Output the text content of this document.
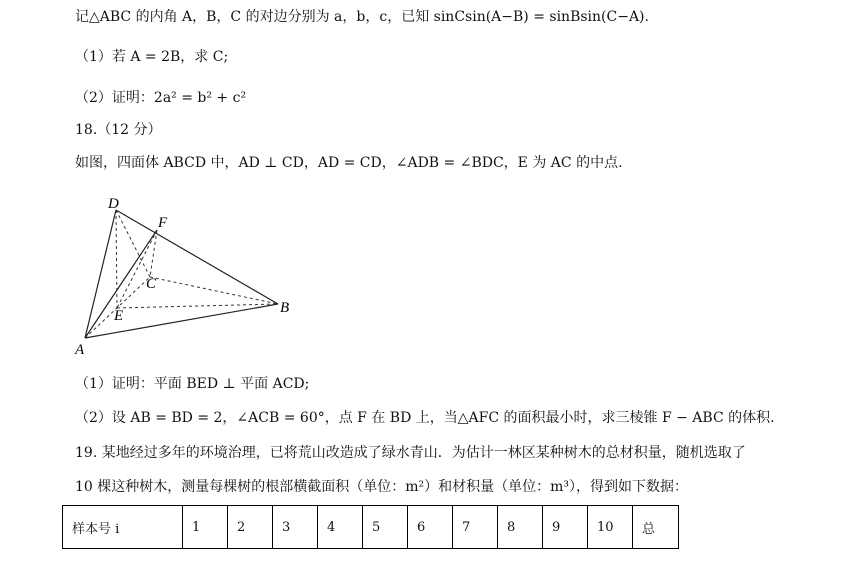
记△ABC 的内角 A，B，C 的对边分别为 a，b，c，已知 sinCsin(A−B) = sinBsin(C−A).
（1）若 A = 2B，求 C;
（2）证明：2a² = b² + c²
18.（12 分）
如图，四面体 ABCD 中，AD ⊥ CD，AD = CD，∠ADB = ∠BDC，E 为 AC 的中点.
D
F
C
B
E
A
（1）证明：平面 BED ⊥ 平面 ACD;
（2）设 AB = BD = 2，∠ACB = 60°，点 F 在 BD 上，当△AFC 的面积最小时，求三棱锥 F − ABC 的体积.
19. 某地经过多年的环境治理，已将荒山改造成了绿水青山．为估计一林区某种树木的总材积量，随机选取了
10 棵这种树木，测量每棵树的根部横截面积（单位：m²）和材积量（单位：m³），得到如下数据：
样本号 i	1	2	3	4	5	6	7	8	9	10	总
